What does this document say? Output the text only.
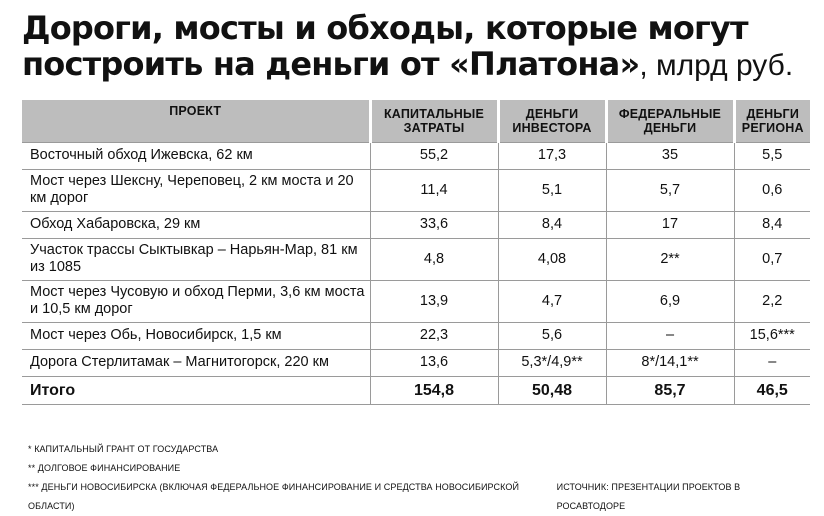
Дороги, мосты и обходы, которые могут построить на деньги от «Платона», млрд руб.
ПРОЕКТ	КАПИТАЛЬНЫЕ ЗАТРАТЫ	ДЕНЬГИ ИНВЕСТОРА	ФЕДЕРАЛЬНЫЕ ДЕНЬГИ	ДЕНЬГИ РЕГИОНА
Восточный обход Ижевска, 62 км	55,2	17,3	35	5,5
Мост через Шексну, Череповец, 2 км моста и 20 км дорог	11,4	5,1	5,7	0,6
Обход Хабаровска, 29 км	33,6	8,4	17	8,4
Участок трассы Сыктывкар – Нарьян-Мар, 81 км из 1085	4,8	4,08	2**	0,7
Мост через Чусовую и обход Перми, 3,6 км моста и 10,5 км дорог	13,9	4,7	6,9	2,2
Мост через Обь, Новосибирск, 1,5 км	22,3	5,6	–	15,6***
Дорога Стерлитамак – Магнитогорск, 220 км	13,6	5,3*/4,9**	8*/14,1**	–
Итого	154,8	50,48	85,7	46,5
* КАПИТАЛЬНЫЙ ГРАНТ ОТ ГОСУДАРСТВА
** ДОЛГОВОЕ ФИНАНСИРОВАНИЕ
*** ДЕНЬГИ НОВОСИБИРСКА (ВКЛЮЧАЯ ФЕДЕРАЛЬНОЕ ФИНАНСИРОВАНИЕ И СРЕДСТВА НОВОСИБИРСКОЙ ОБЛАСТИ)
ИСТОЧНИК: ПРЕЗЕНТАЦИИ ПРОЕКТОВ В РОСАВТОДОРЕ
